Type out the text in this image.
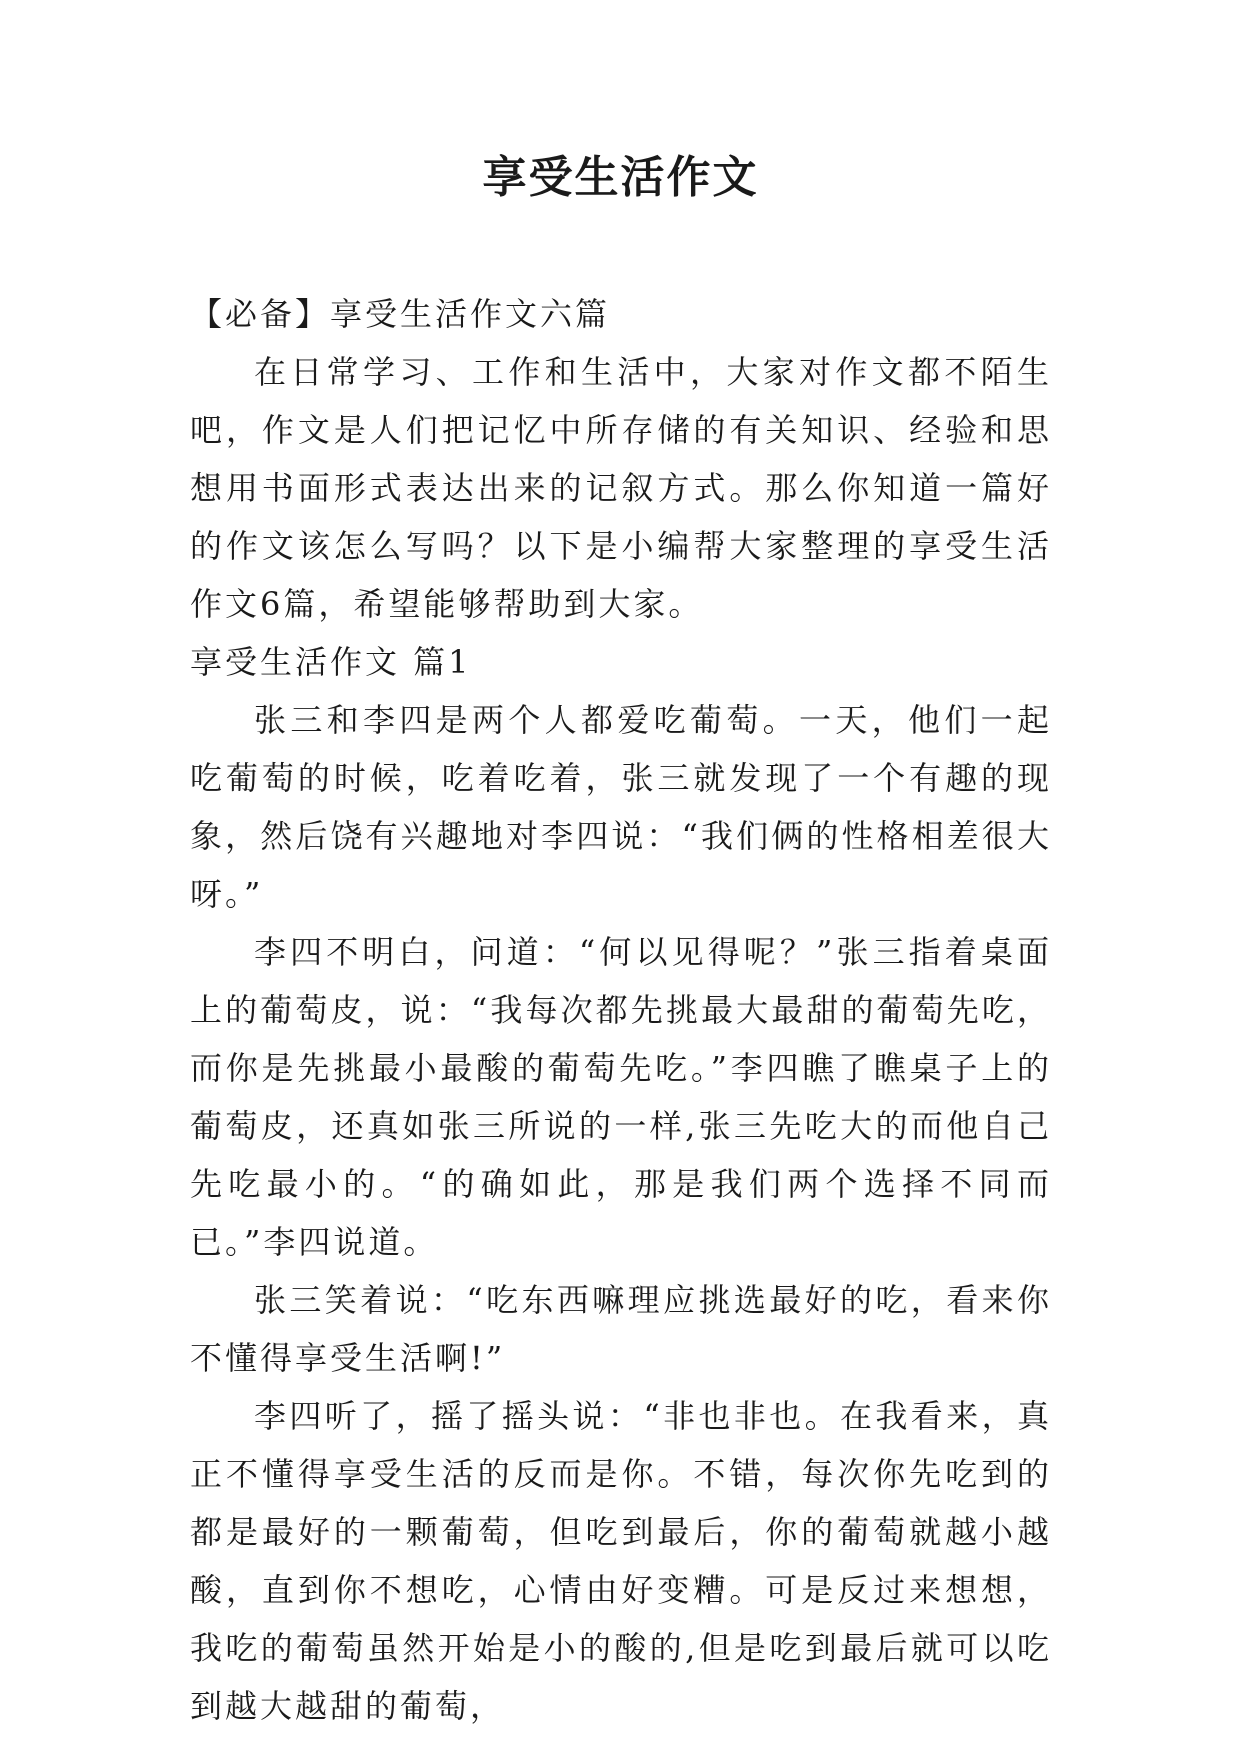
享受生活作文

【必备】享受生活作文六篇

在日常学习、工作和生活中，大家对作文都不陌生吧，作文是人们把记忆中所存储的有关知识、经验和思想用书面形式表达出来的记叙方式。那么你知道一篇好的作文该怎么写吗？以下是小编帮大家整理的享受生活作文6篇，希望能够帮助到大家。

享受生活作文 篇1

张三和李四是两个人都爱吃葡萄。一天，他们一起吃葡萄的时候，吃着吃着，张三就发现了一个有趣的现象，然后饶有兴趣地对李四说：“我们俩的性格相差很大呀。”

李四不明白，问道：“何以见得呢？”张三指着桌面上的葡萄皮，说：“我每次都先挑最大最甜的葡萄先吃，而你是先挑最小最酸的葡萄先吃。”李四瞧了瞧桌子上的葡萄皮，还真如张三所说的一样,张三先吃大的而他自己先吃最小的。“的确如此，那是我们两个选择不同而已。”李四说道。

张三笑着说：“吃东西嘛理应挑选最好的吃，看来你不懂得享受生活啊!”

李四听了，摇了摇头说：“非也非也。在我看来，真正不懂得享受生活的反而是你。不错，每次你先吃到的都是最好的一颗葡萄，但吃到最后，你的葡萄就越小越酸，直到你不想吃，心情由好变糟。可是反过来想想，我吃的葡萄虽然开始是小的酸的,但是吃到最后就可以吃到越大越甜的葡萄，
